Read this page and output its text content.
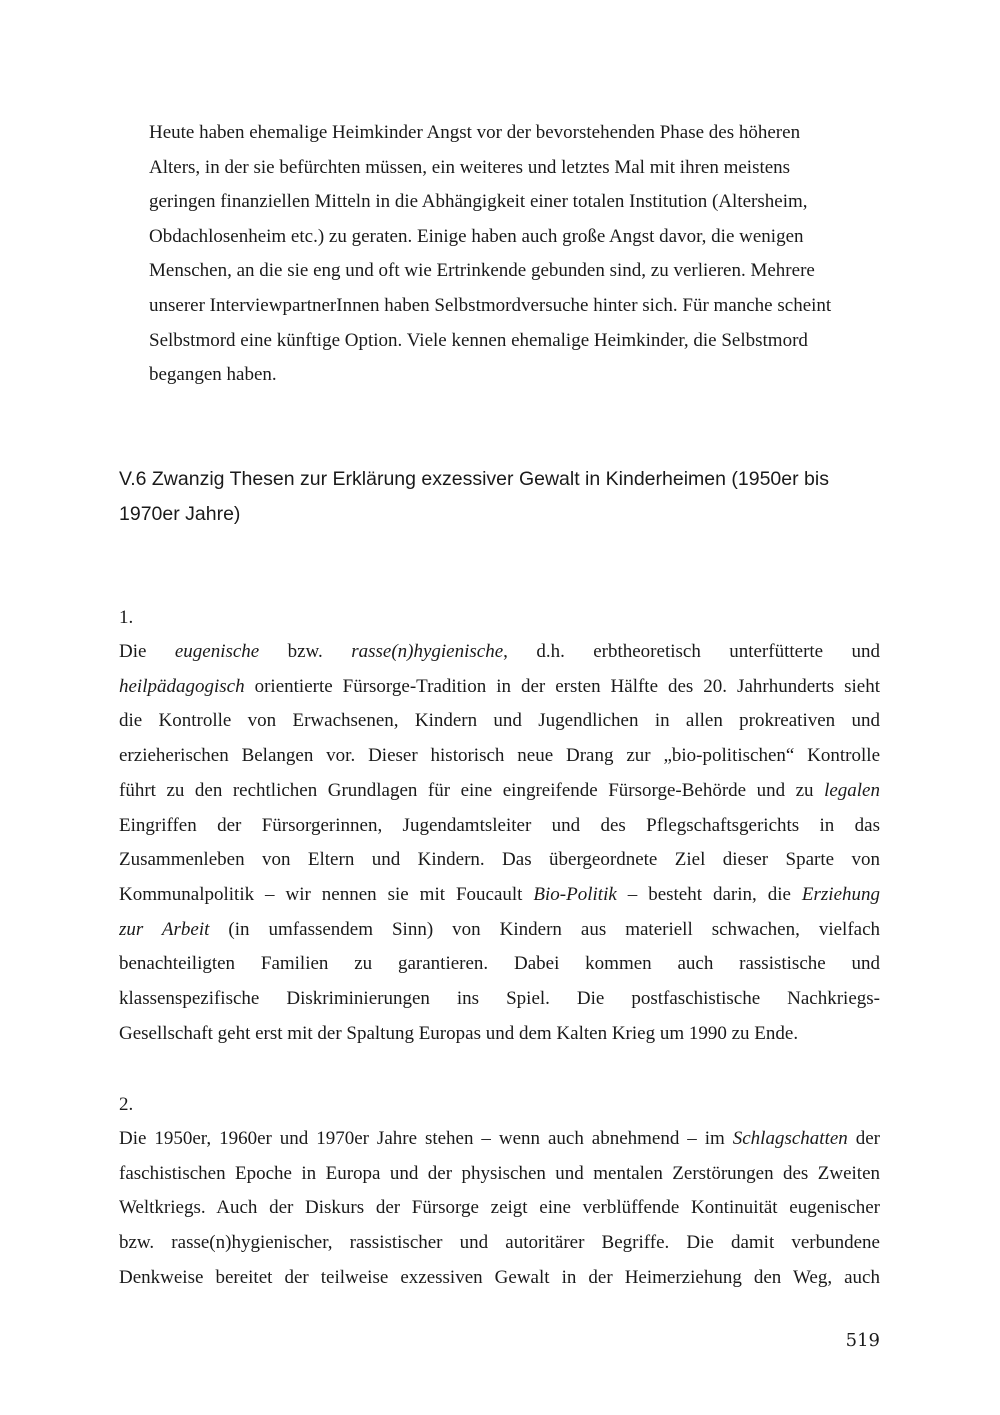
Heute haben ehemalige Heimkinder Angst vor der bevorstehenden Phase des höheren
Alters, in der sie befürchten müssen, ein weiteres und letztes Mal mit ihren meistens
geringen finanziellen Mitteln in die Abhängigkeit einer totalen Institution (Altersheim,
Obdachlosenheim etc.) zu geraten. Einige haben auch große Angst davor, die wenigen
Menschen, an die sie eng und oft wie Ertrinkende gebunden sind, zu verlieren. Mehrere
unserer InterviewpartnerInnen haben Selbstmordversuche hinter sich. Für manche scheint
Selbstmord eine künftige Option. Viele kennen ehemalige Heimkinder, die Selbstmord
begangen haben.
V.6 Zwanzig Thesen zur Erklärung exzessiver Gewalt in Kinderheimen (1950er bis
1970er Jahre)

1.

Die eugenische bzw. rasse(n)hygienische, d.h. erbtheoretisch unterfütterte und
heilpädagogisch orientierte Fürsorge-Tradition in der ersten Hälfte des 20. Jahrhunderts sieht
die Kontrolle von Erwachsenen, Kindern und Jugendlichen in allen prokreativen und
erzieherischen Belangen vor. Dieser historisch neue Drang zur „bio-politischen“ Kontrolle
führt zu den rechtlichen Grundlagen für eine eingreifende Fürsorge-Behörde und zu legalen
Eingriffen der Fürsorgerinnen, Jugendamtsleiter und des Pflegschaftsgerichts in das
Zusammenleben von Eltern und Kindern. Das übergeordnete Ziel dieser Sparte von
Kommunalpolitik – wir nennen sie mit Foucault Bio-Politik – besteht darin, die Erziehung
zur Arbeit (in umfassendem Sinn) von Kindern aus materiell schwachen, vielfach
benachteiligten Familien zu garantieren. Dabei kommen auch rassistische und
klassenspezifische Diskriminierungen ins Spiel. Die postfaschistische Nachkriegs-
Gesellschaft geht erst mit der Spaltung Europas und dem Kalten Krieg um 1990 zu Ende.

2.

Die 1950er, 1960er und 1970er Jahre stehen – wenn auch abnehmend – im Schlagschatten der
faschistischen Epoche in Europa und der physischen und mentalen Zerstörungen des Zweiten
Weltkriegs. Auch der Diskurs der Fürsorge zeigt eine verblüffende Kontinuität eugenischer
bzw. rasse(n)hygienischer, rassistischer und autoritärer Begriffe. Die damit verbundene
Denkweise bereitet der teilweise exzessiven Gewalt in der Heimerziehung den Weg, auch

519
